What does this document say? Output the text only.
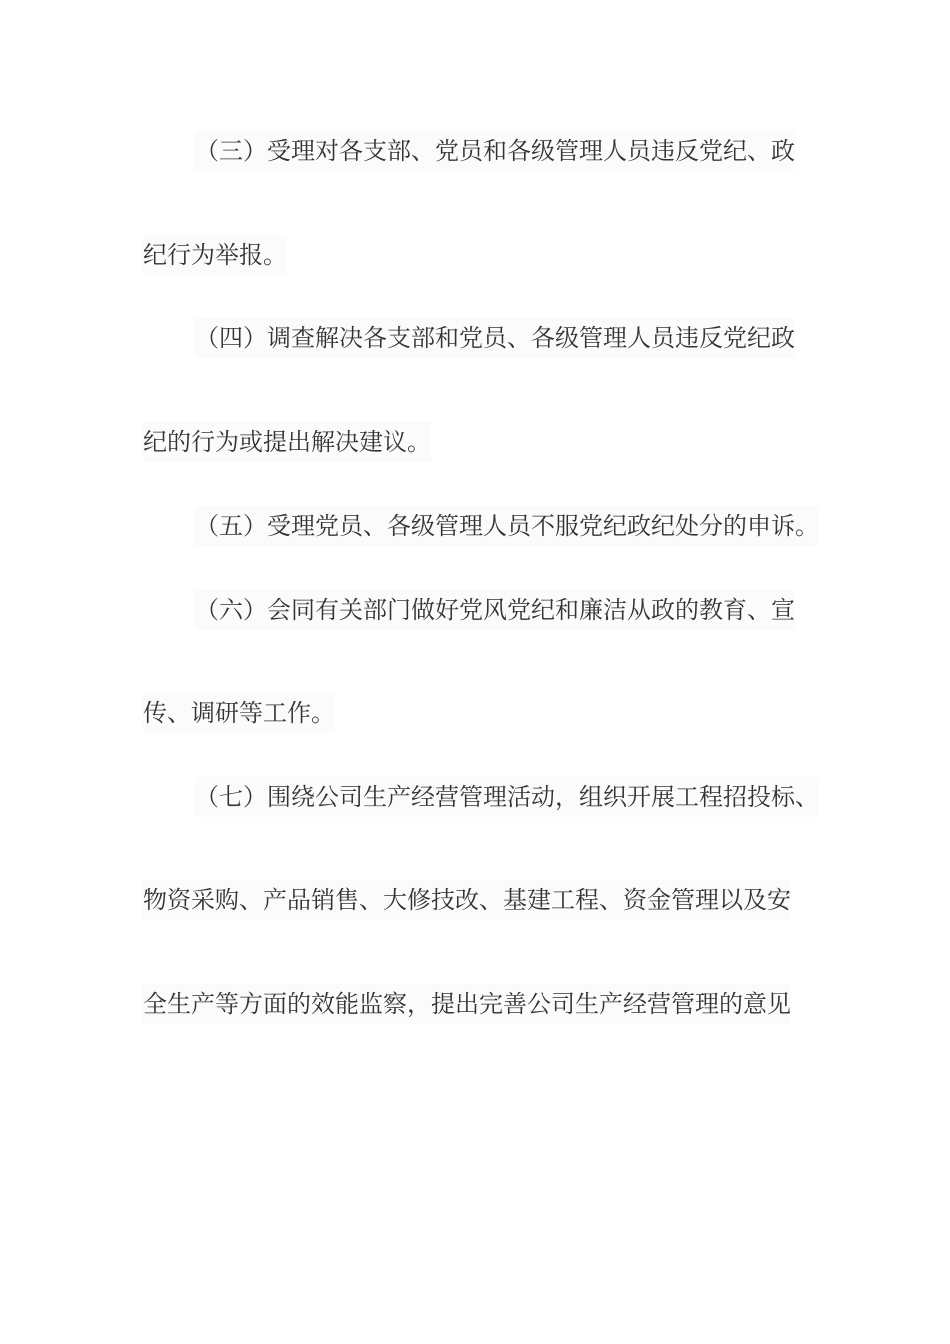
（三）受理对各支部、党员和各级管理人员违反党纪、政
纪行为举报。
（四）调查解决各支部和党员、各级管理人员违反党纪政
纪的行为或提出解决建议。
（五）受理党员、各级管理人员不服党纪政纪处分的申诉。
（六）会同有关部门做好党风党纪和廉洁从政的教育、宣
传、调研等工作。
（七）围绕公司生产经营管理活动，组织开展工程招投标、
物资采购、产品销售、大修技改、基建工程、资金管理以及安
全生产等方面的效能监察，提出完善公司生产经营管理的意见
